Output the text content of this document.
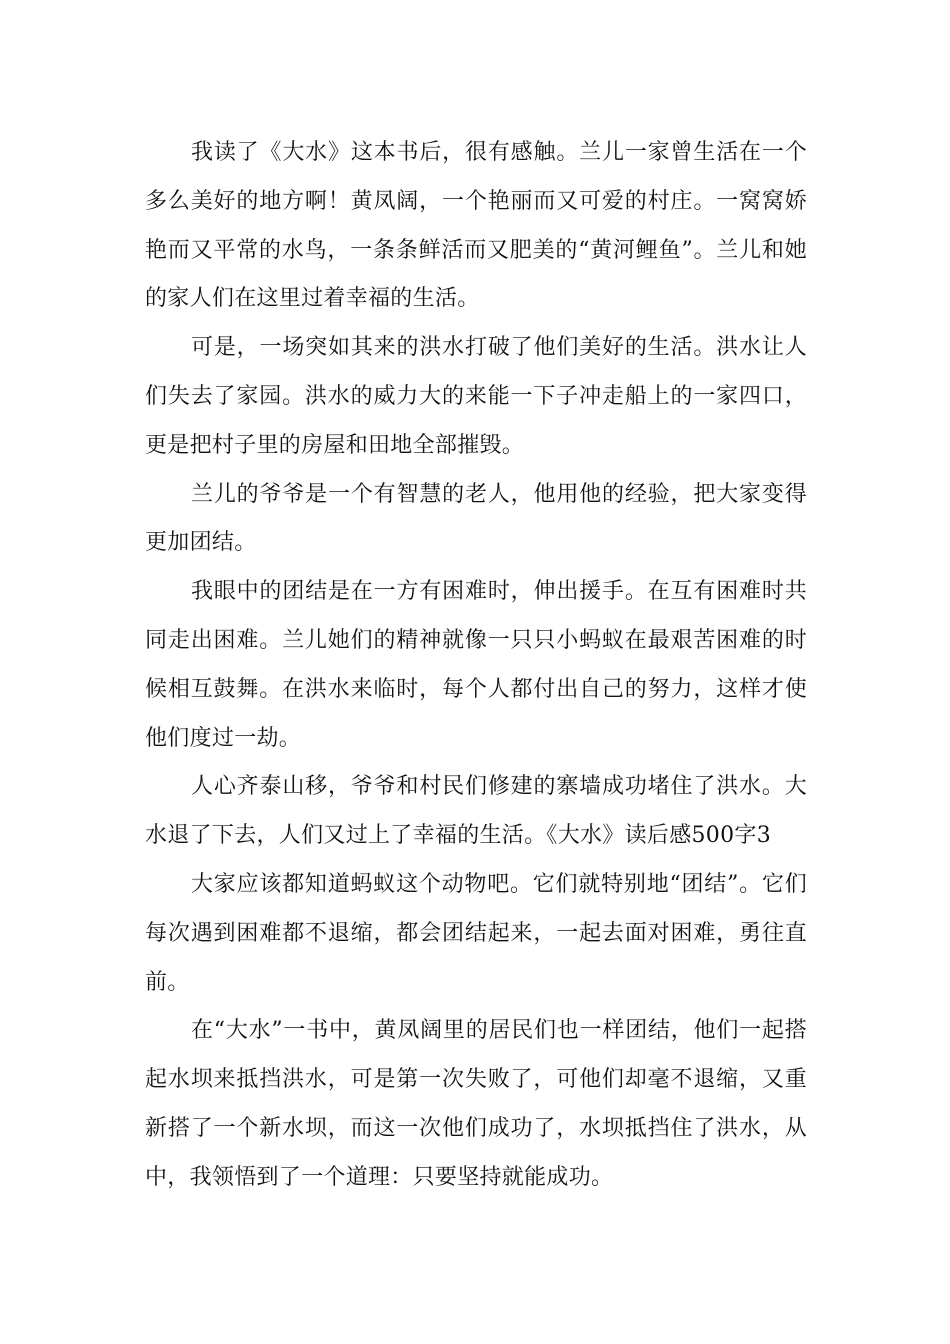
我读了《大水》这本书后，很有感触。兰儿一家曾生活在一个多么美好的地方啊！黄凤阔，一个艳丽而又可爱的村庄。一窝窝娇艳而又平常的水鸟，一条条鲜活而又肥美的“黄河鲤鱼”。兰儿和她的家人们在这里过着幸福的生活。

可是，一场突如其来的洪水打破了他们美好的生活。洪水让人们失去了家园。洪水的威力大的来能一下子冲走船上的一家四口，更是把村子里的房屋和田地全部摧毁。

兰儿的爷爷是一个有智慧的老人，他用他的经验，把大家变得更加团结。

我眼中的团结是在一方有困难时，伸出援手。在互有困难时共同走出困难。兰儿她们的精神就像一只只小蚂蚁在最艰苦困难的时候相互鼓舞。在洪水来临时，每个人都付出自己的努力，这样才使他们度过一劫。

人心齐泰山移，爷爷和村民们修建的寨墙成功堵住了洪水。大水退了下去，人们又过上了幸福的生活。《大水》读后感500字3

大家应该都知道蚂蚁这个动物吧。它们就特别地“团结”。它们每次遇到困难都不退缩，都会团结起来，一起去面对困难，勇往直前。

在“大水”一书中，黄凤阔里的居民们也一样团结，他们一起搭起水坝来抵挡洪水，可是第一次失败了，可他们却毫不退缩，又重新搭了一个新水坝，而这一次他们成功了，水坝抵挡住了洪水，从中，我领悟到了一个道理：只要坚持就能成功。
